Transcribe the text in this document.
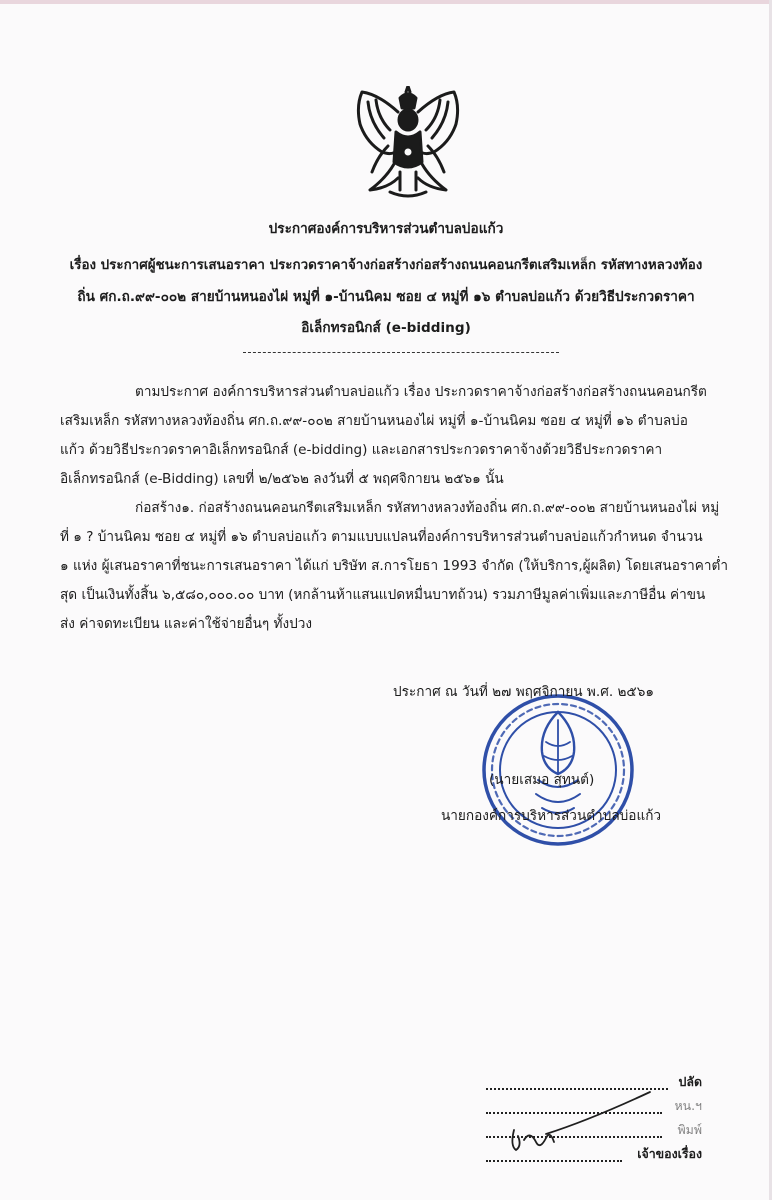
ประกาศองค์การบริหารส่วนตำบลบ่อแก้ว
เรื่อง ประกาศผู้ชนะการเสนอราคา ประกวดราคาจ้างก่อสร้างก่อสร้างถนนคอนกรีตเสริมเหล็ก รหัสทางหลวงท้อง
ถิ่น ศก.ถ.๙๙-๐๐๒ สายบ้านหนองไผ่ หมู่ที่ ๑-บ้านนิคม ซอย ๔ หมู่ที่ ๑๖ ตำบลบ่อแก้ว ด้วยวิธีประกวดราคา
อิเล็กทรอนิกส์ (e-bidding)
ตามประกาศ องค์การบริหารส่วนตำบลบ่อแก้ว เรื่อง ประกวดราคาจ้างก่อสร้างก่อสร้างถนนคอนกรีต
เสริมเหล็ก รหัสทางหลวงท้องถิ่น ศก.ถ.๙๙-๐๐๒ สายบ้านหนองไผ่ หมู่ที่ ๑-บ้านนิคม ซอย ๔ หมู่ที่ ๑๖ ตำบลบ่อ
แก้ว ด้วยวิธีประกวดราคาอิเล็กทรอนิกส์ (e-bidding) และเอกสารประกวดราคาจ้างด้วยวิธีประกวดราคา
อิเล็กทรอนิกส์ (e-Bidding) เลขที่ ๒/๒๕๖๒ ลงวันที่ ๕ พฤศจิกายน ๒๕๖๑ นั้น
ก่อสร้าง๑. ก่อสร้างถนนคอนกรีตเสริมเหล็ก รหัสทางหลวงท้องถิ่น ศก.ถ.๙๙-๐๐๒ สายบ้านหนองไผ่ หมู่
ที่ ๑ ? บ้านนิคม ซอย ๔ หมู่ที่ ๑๖ ตำบลบ่อแก้ว ตามแบบแปลนที่องค์การบริหารส่วนตำบลบ่อแก้วกำหนด จำนวน
๑ แห่ง ผู้เสนอราคาที่ชนะการเสนอราคา ได้แก่ บริษัท ส.การโยธา 1993 จำกัด (ให้บริการ,ผู้ผลิต) โดยเสนอราคาต่ำ
สุด เป็นเงินทั้งสิ้น ๖,๕๘๐,๐๐๐.๐๐ บาท (หกล้านห้าแสนแปดหมื่นบาทถ้วน) รวมภาษีมูลค่าเพิ่มและภาษีอื่น ค่าขน
ส่ง ค่าจดทะเบียน และค่าใช้จ่ายอื่นๆ ทั้งปวง
ประกาศ ณ วันที่ ๒๗ พฤศจิกายน พ.ศ. ๒๕๖๑
(นายเสมอ สุทนต์)
นายกองค์การบริหารส่วนตำบลบ่อแก้ว
ปลัด
หน.ฯ
พิมพ์
เจ้าของเรื่อง
